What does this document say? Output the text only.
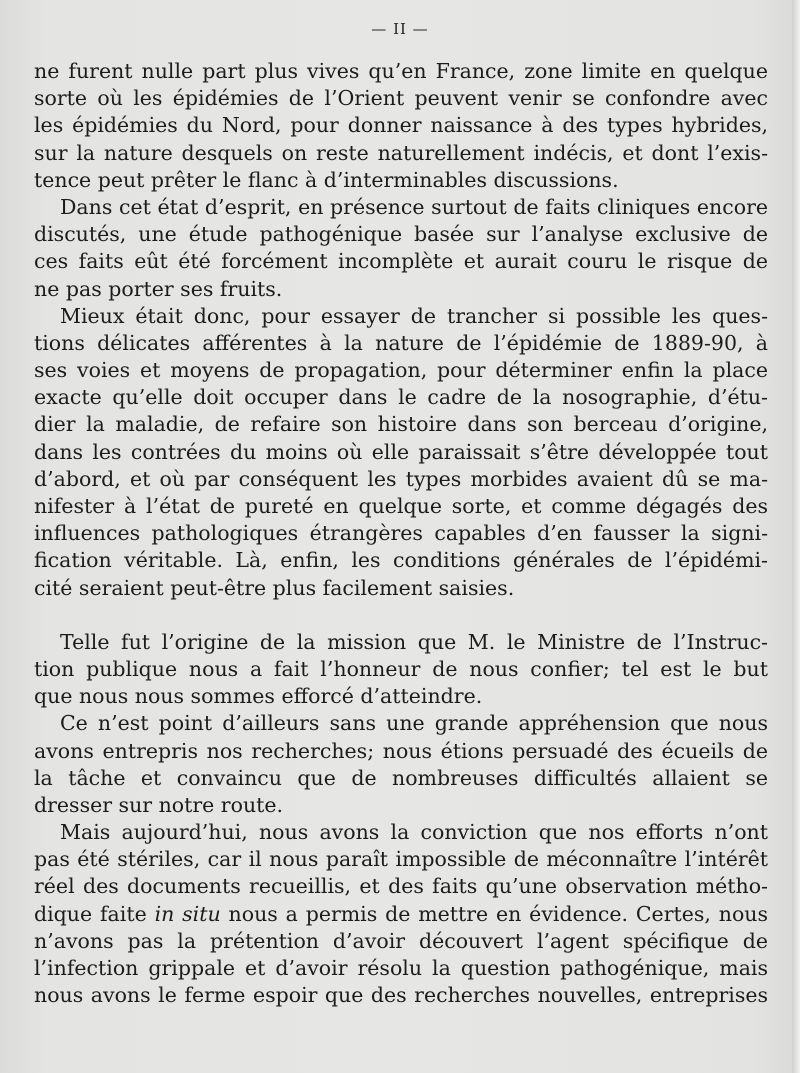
— II —
ne furent nulle part plus vives qu’en France, zone limite en quelque
sorte où les épidémies de l’Orient peuvent venir se confondre avec
les épidémies du Nord, pour donner naissance à des types hybrides,
sur la nature desquels on reste naturellement indécis, et dont l’exis-
tence peut prêter le flanc à d’interminables discussions.
Dans cet état d’esprit, en présence surtout de faits cliniques encore
discutés, une étude pathogénique basée sur l’analyse exclusive de
ces faits eût été forcément incomplète et aurait couru le risque de
ne pas porter ses fruits.
Mieux était donc, pour essayer de trancher si possible les ques-
tions délicates afférentes à la nature de l’épidémie de 1889-90, à
ses voies et moyens de propagation, pour déterminer enfin la place
exacte qu’elle doit occuper dans le cadre de la nosographie, d’étu-
dier la maladie, de refaire son histoire dans son berceau d’origine,
dans les contrées du moins où elle paraissait s’être développée tout
d’abord, et où par conséquent les types morbides avaient dû se ma-
nifester à l’état de pureté en quelque sorte, et comme dégagés des
influences pathologiques étrangères capables d’en fausser la signi-
fication véritable. Là, enfin, les conditions générales de l’épidémi-
cité seraient peut-être plus facilement saisies.
Telle fut l’origine de la mission que M. le Ministre de l’Instruc-
tion publique nous a fait l’honneur de nous confier; tel est le but
que nous nous sommes efforcé d’atteindre.
Ce n’est point d’ailleurs sans une grande appréhension que nous
avons entrepris nos recherches; nous étions persuadé des écueils de
la tâche et convaincu que de nombreuses difficultés allaient se
dresser sur notre route.
Mais aujourd’hui, nous avons la conviction que nos efforts n’ont
pas été stériles, car il nous paraît impossible de méconnaître l’intérêt
réel des documents recueillis, et des faits qu’une observation métho-
dique faite in situ nous a permis de mettre en évidence. Certes, nous
n’avons pas la prétention d’avoir découvert l’agent spécifique de
l’infection grippale et d’avoir résolu la question pathogénique, mais
nous avons le ferme espoir que des recherches nouvelles, entreprises
